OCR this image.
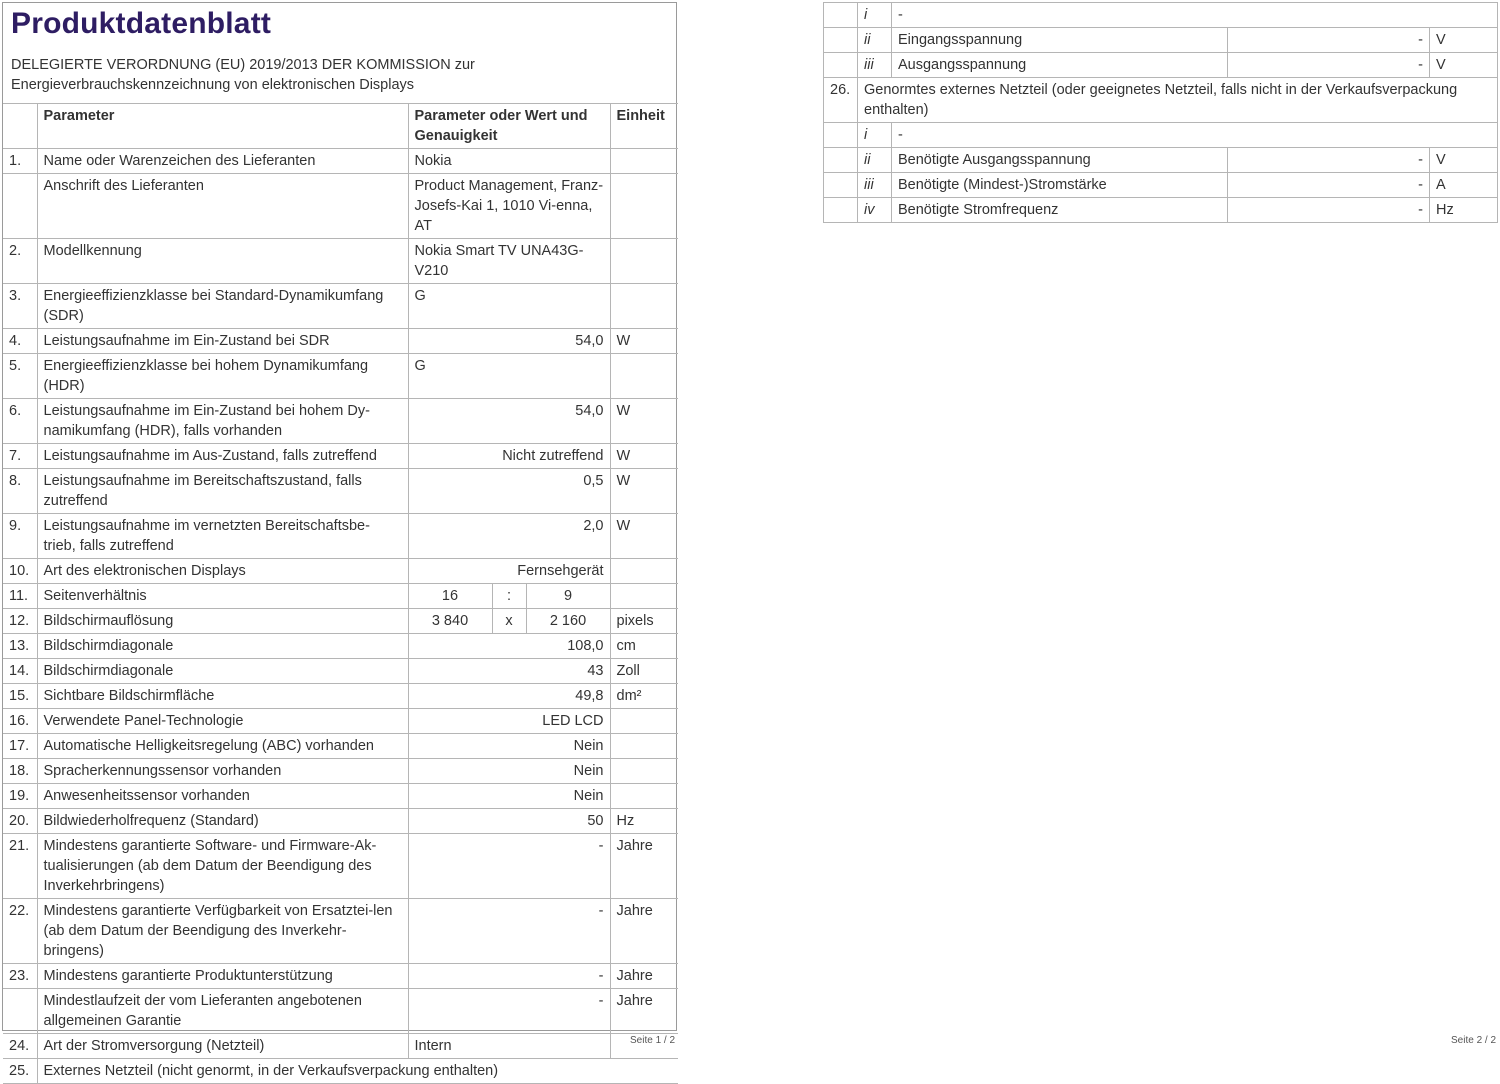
Produktdatenblatt
DELEGIERTE VERORDNUNG (EU) 2019/2013 DER KOMMISSION zur
Energieverbrauchskennzeichnung von elektronischen Displays
	Parameter	Parameter oder Wert und Genauigkeit			Einheit
1.	Name oder Warenzeichen des Lieferanten	Nokia			
	Anschrift des Lieferanten	Product Management, Franz-Josefs-Kai 1, 1010 Vi-enna, AT			
2.	Modellkennung	Nokia Smart TV UNA43G-V210			
3.	Energieeffizienzklasse bei Standard-Dynamikumfang (SDR)	G			
4.	Leistungsaufnahme im Ein-Zustand bei SDR	54,0			W
5.	Energieeffizienzklasse bei hohem Dynamikumfang (HDR)	G			
6.	Leistungsaufnahme im Ein-Zustand bei hohem Dy-namikumfang (HDR), falls vorhanden	54,0			W
7.	Leistungsaufnahme im Aus-Zustand, falls zutreffend	Nicht zutreffend			W
8.	Leistungsaufnahme im Bereitschaftszustand, falls zutreffend	0,5			W
9.	Leistungsaufnahme im vernetzten Bereitschaftsbe-trieb, falls zutreffend	2,0			W
10.	Art des elektronischen Displays	Fernsehgerät			
11.	Seitenverhältnis	16	:	9	
12.	Bildschirmauflösung	3 840	x	2 160	pixels
13.	Bildschirmdiagonale	108,0			cm
14.	Bildschirmdiagonale	43			Zoll
15.	Sichtbare Bildschirmfläche	49,8			dm²
16.	Verwendete Panel-Technologie	LED LCD			
17.	Automatische Helligkeitsregelung (ABC) vorhanden	Nein			
18.	Spracherkennungssensor vorhanden	Nein			
19.	Anwesenheitssensor vorhanden	Nein			
20.	Bildwiederholfrequenz (Standard)	50			Hz
21.	Mindestens garantierte Software- und Firmware-Ak-tualisierungen (ab dem Datum der Beendigung des Inverkehrbringens)	-			Jahre
22.	Mindestens garantierte Verfügbarkeit von Ersatztei-len (ab dem Datum der Beendigung des Inverkehr-bringens)	-			Jahre
23.	Mindestens garantierte Produktunterstützung	-			Jahre
	Mindestlaufzeit der vom Lieferanten angebotenen allgemeinen Garantie	-			Jahre
24.	Art der Stromversorgung (Netzteil)	Intern			
25.	Externes Netzteil (nicht genormt, in der Verkaufsverpackung enthalten)				
Seite 1 / 2
	i	-		
	ii	Eingangsspannung	-	V
	iii	Ausgangsspannung	-	V
26.	Genormtes externes Netzteil (oder geeignetes Netzteil, falls nicht in der Verkaufsverpackung enthalten)			
	i	-		
	ii	Benötigte Ausgangsspannung	-	V
	iii	Benötigte (Mindest-)Stromstärke	-	A
	iv	Benötigte Stromfrequenz	-	Hz
Seite 2 / 2
